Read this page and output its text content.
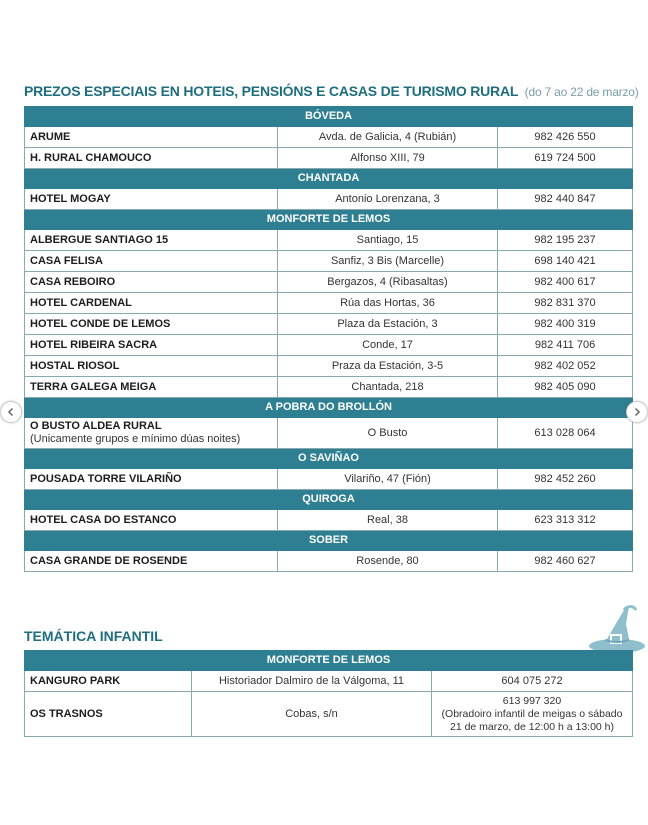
PREZOS ESPECIAIS EN HOTEIS, PENSIÓNS E CASAS DE TURISMO RURAL (do 7 ao 22 de marzo)
BÓVEDA		
ARUME	Avda. de Galicia, 4 (Rubián)	982 426 550
H. RURAL CHAMOUCO	Alfonso XIII, 79	619 724 500
CHANTADA		
HOTEL MOGAY	Antonio Lorenzana, 3	982 440 847
MONFORTE DE LEMOS		
ALBERGUE SANTIAGO 15	Santiago, 15	982 195 237
CASA FELISA	Sanfiz, 3 Bis (Marcelle)	698 140 421
CASA REBOIRO	Bergazos, 4 (Ribasaltas)	982 400 617
HOTEL CARDENAL	Rúa das Hortas, 36	982 831 370
HOTEL CONDE DE LEMOS	Plaza da Estación, 3	982 400 319
HOTEL RIBEIRA SACRA	Conde, 17	982 411 706
HOSTAL RIOSOL	Praza da Estación, 3-5	982 402 052
TERRA GALEGA MEIGA	Chantada, 218	982 405 090
A POBRA DO BROLLÓN		

O BUSTO ALDEA RURAL
(Unicamente grupos e mínimo dúas noites)	O Busto	613 028 064
O SAVIÑAO		
POUSADA TORRE VILARIÑO	Vilariño, 47 (Fión)	982 452 260
QUIROGA		
HOTEL CASA DO ESTANCO	Real, 38	623 313 312
SOBER		
CASA GRANDE DE ROSENDE	Rosende, 80	982 460 627
TEMÁTICA INFANTIL
MONFORTE DE LEMOS		
KANGURO PARK	Historiador Dalmiro de la Válgoma, 11	604 075 272
OS TRASNOS	Cobas, s/n	613 997 320
(Obradoiro infantil de meigas o sábado
21 de marzo, de 12:00 h a 13:00 h)
